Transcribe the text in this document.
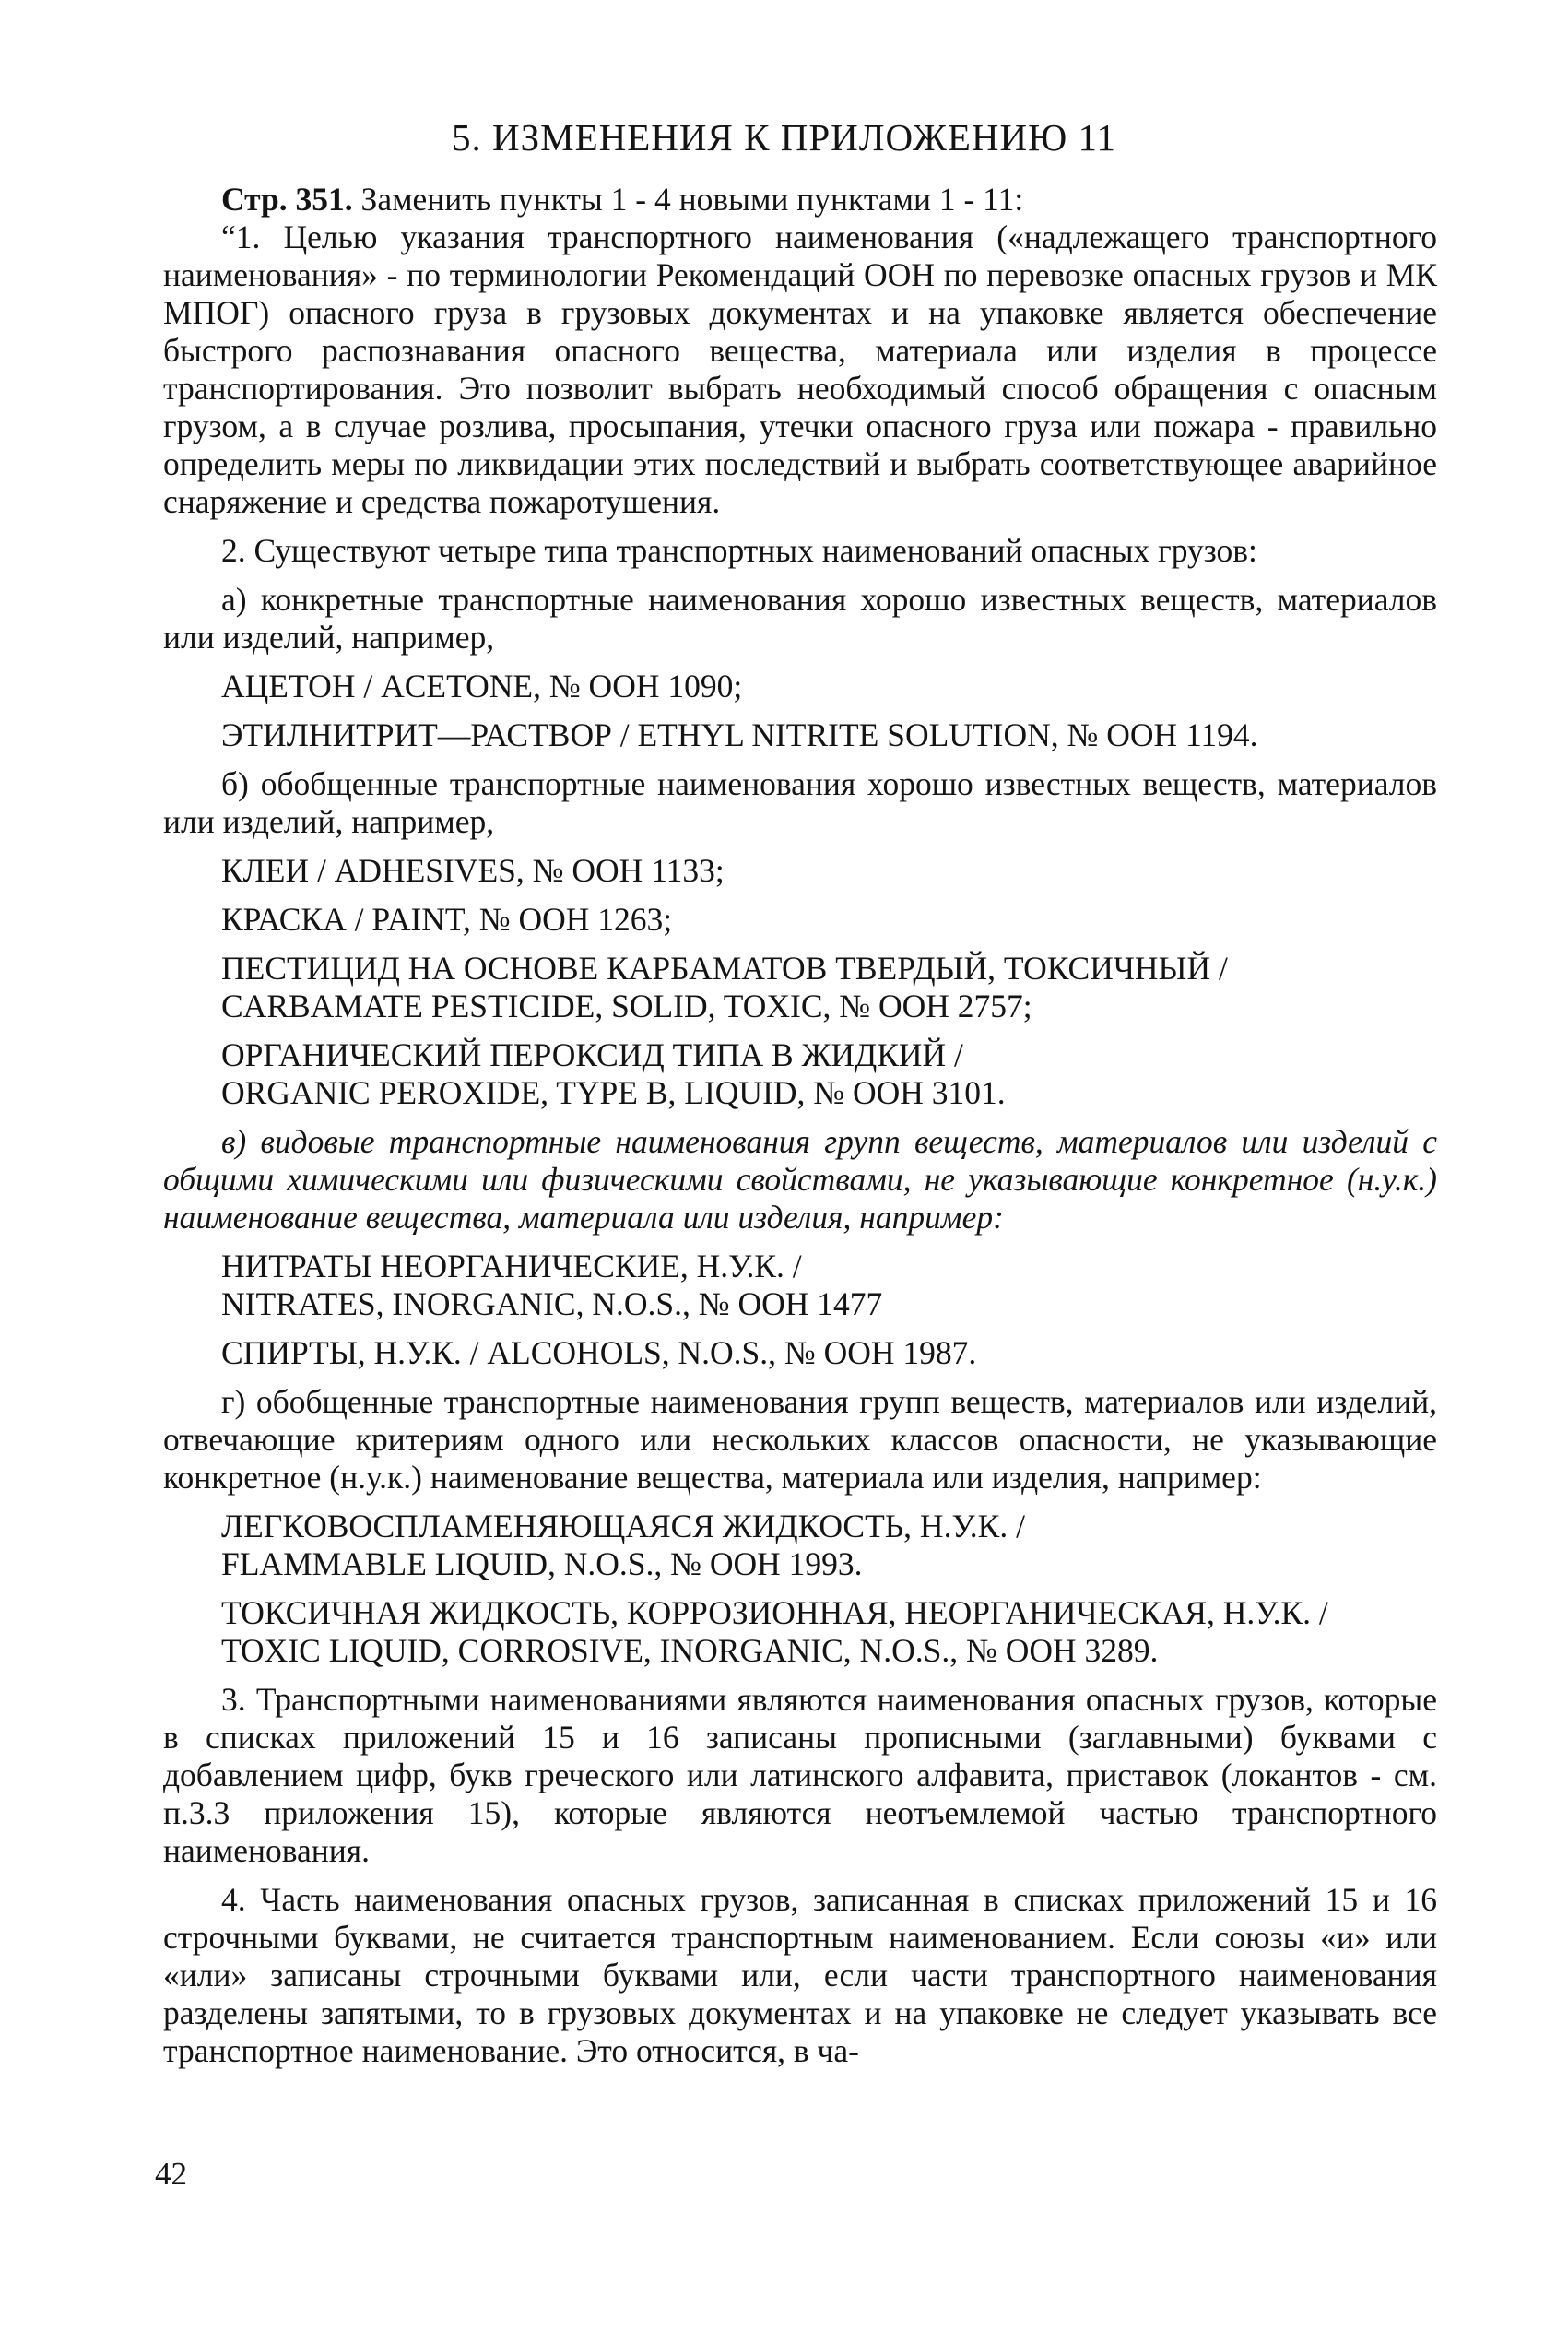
5. ИЗМЕНЕНИЯ К ПРИЛОЖЕНИЮ 11

Стр. 351. Заменить пункты 1 - 4 новыми пунктами 1 - 11:

“1. Целью указания транспортного наименования («надлежащего транспортного наименования» - по терминологии Рекомендаций ООН по перевозке опасных грузов и МК МПОГ) опасного груза в грузовых документах и на упаковке является обеспечение быстрого распознавания опасного вещества, материала или изделия в процессе транспортирования. Это позволит выбрать необходимый способ обращения с опасным грузом, а в случае розлива, просыпания, утечки опасного груза или пожара - правильно определить меры по ликвидации этих последствий и выбрать соответствующее аварийное снаряжение и средства пожаротушения.

2. Существуют четыре типа транспортных наименований опасных грузов:

а) конкретные транспортные наименования хорошо известных веществ, материалов или изделий, например,

АЦЕТОН / ACETONE, № ООН 1090;
ЭТИЛНИТРИТ—РАСТВОР / ETHYL NITRITE SOLUTION, № ООН 1194.

б) обобщенные транспортные наименования хорошо известных веществ, материалов или изделий, например,

КЛЕИ / ADHESIVES, № ООН 1133;
КРАСКА / PAINT, № ООН 1263;
ПЕСТИЦИД НА ОСНОВЕ КАРБАМАТОВ ТВЕРДЫЙ, ТОКСИЧНЫЙ /
CARBAMATE PESTICIDE, SOLID, TOXIC, № ООН 2757;
ОРГАНИЧЕСКИЙ ПЕРОКСИД ТИПА В ЖИДКИЙ /
ORGANIC PEROXIDE, TYPE B, LIQUID, № ООН 3101.

в) видовые транспортные наименования групп веществ, материалов или изделий с общими химическими или физическими свойствами, не указывающие конкретное (н.у.к.) наименование вещества, материала или изделия, например:

НИТРАТЫ НЕОРГАНИЧЕСКИЕ, Н.У.К. /
NITRATES, INORGANIC, N.O.S., № ООН 1477
СПИРТЫ, Н.У.К. / ALCOHOLS, N.O.S., № ООН 1987.

г) обобщенные транспортные наименования групп веществ, материалов или изделий, отвечающие критериям одного или нескольких классов опасности, не указывающие конкретное (н.у.к.) наименование вещества, материала или изделия, например:

ЛЕГКОВОСПЛАМЕНЯЮЩАЯСЯ ЖИДКОСТЬ, Н.У.К. /
FLAMMABLE LIQUID, N.O.S., № ООН 1993.
ТОКСИЧНАЯ ЖИДКОСТЬ, КОРРОЗИОННАЯ, НЕОРГАНИЧЕСКАЯ, Н.У.К. /
TOXIC LIQUID, CORROSIVE, INORGANIC, N.O.S., № ООН 3289.

3. Транспортными наименованиями являются наименования опасных грузов, которые в списках приложений 15 и 16 записаны прописными (заглавными) буквами с добавлением цифр, букв греческого или латинского алфавита, приставок (локантов - см. п.3.3 приложения 15), которые являются неотъемлемой частью транспортного наименования.

4. Часть наименования опасных грузов, записанная в списках приложений 15 и 16 строчными буквами, не считается транспортным наименованием. Если союзы «и» или «или» записаны строчными буквами или, если части транспортного наименования разделены запятыми, то в грузовых документах и на упаковке не следует указывать все транспортное наименование. Это относится, в ча-

42
